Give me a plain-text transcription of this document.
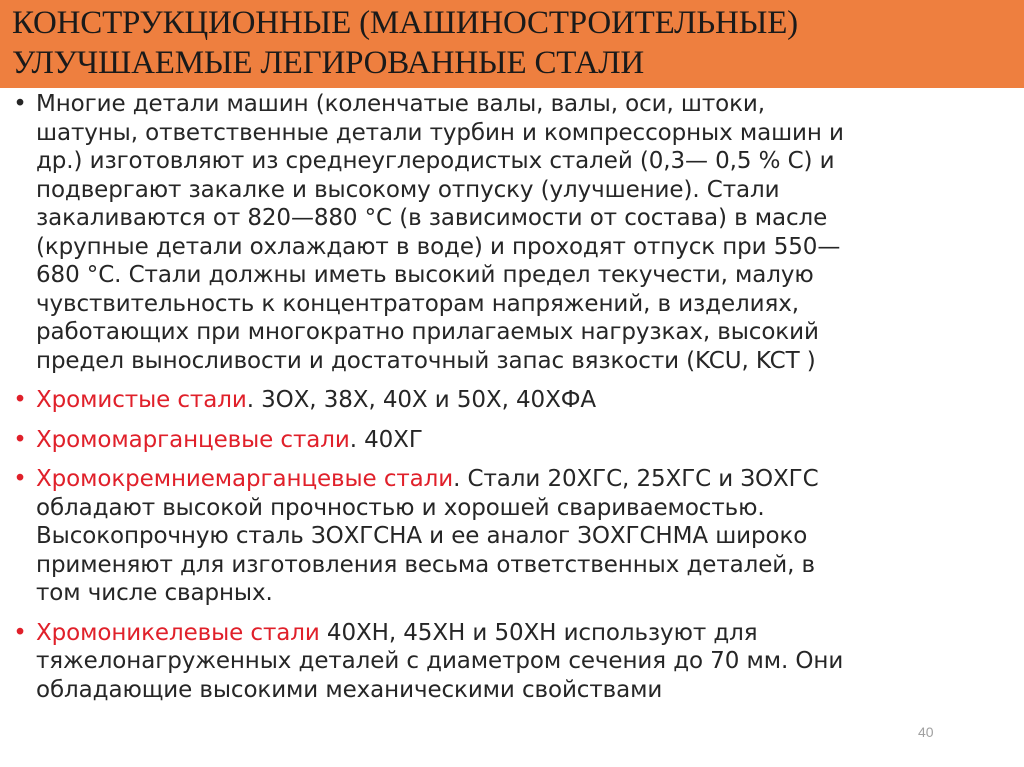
КОНСТРУКЦИОННЫЕ (МАШИНОСТРОИТЕЛЬНЫЕ)
УЛУЧШАЕМЫЕ ЛЕГИРОВАННЫЕ СТАЛИ
• Многие детали машин (коленчатые валы, валы, оси, штоки,
шатуны, ответственные детали турбин и компрессорных машин и
др.) изготовляют из среднеуглеродистых сталей (0,3— 0,5 % С) и
подвергают закалке и высокому отпуску (улучшение). Стали
закаливаются от 820—880 °С (в зависимости от состава) в масле
(крупные детали охлаждают в воде) и проходят отпуск при 550—
680 °С. Стали должны иметь высокий предел текучести, малую
чувствительность к концентраторам напряжений, в изделиях,
работающих при многократно прилагаемых нагрузках, высокий
предел выносливости и достаточный запас вязкости (KCU, KCT )
• Хромистые стали. 3ОХ, 38Х, 40Х и 50Х, 40ХФА
• Хромомарганцевые стали. 40ХГ
• Хромокремниемарганцевые стали. Стали 20ХГС, 25ХГС и ЗОХГС
обладают высокой прочностью и хорошей свариваемостью.
Высокопрочную сталь ЗОХГСНА и ее аналог ЗОХГСНМА широко
применяют для изготовления весьма ответственных деталей, в
том числе сварных.
• Хромоникелевые стали 40ХН, 45ХН и 50ХН используют для
тяжелонагруженных деталей с диаметром сечения до 70 мм. Они
обладающие высокими механическими свойствами
40
